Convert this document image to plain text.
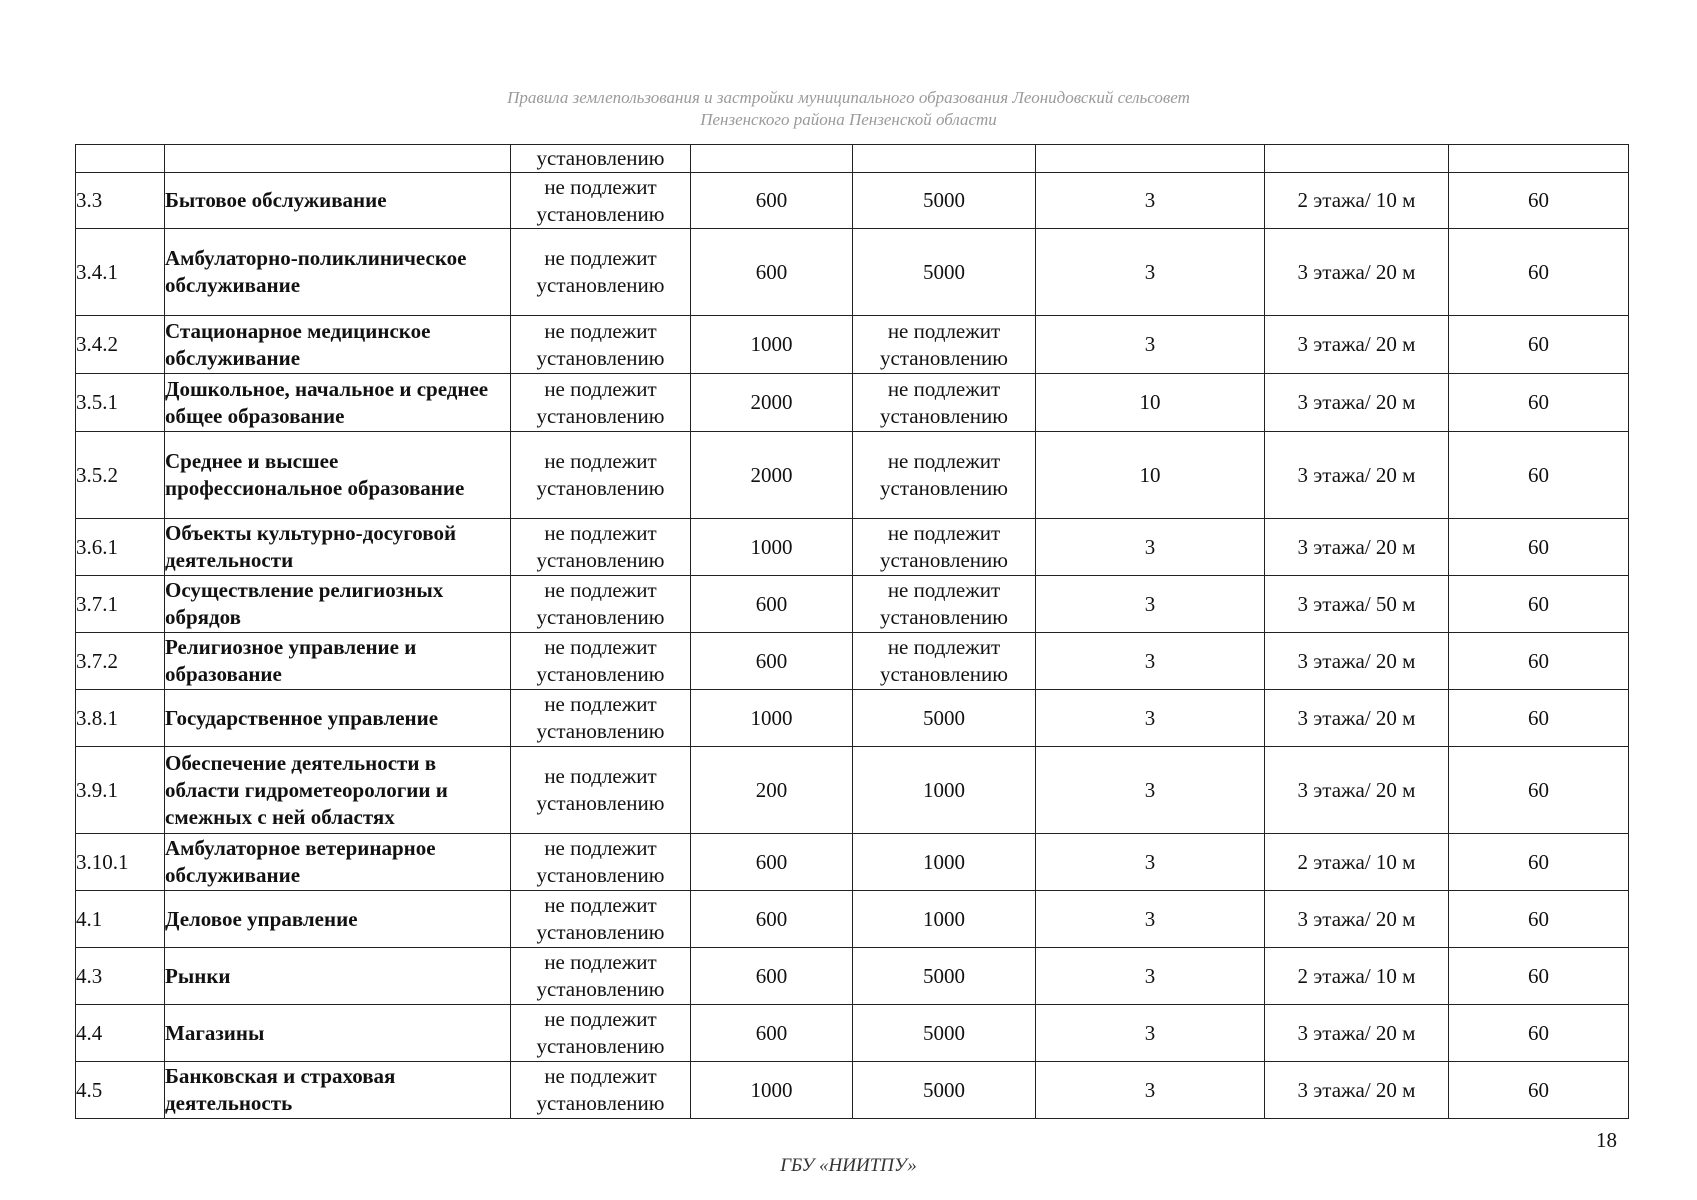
Правила землепользования и застройки муниципального образования Леонидовский сельсовет
Пензенского района Пензенской области
		установлению					
3.3	Бытовое обслуживание	не подлежит установлению	600	5000	3	2 этажа/ 10 м	60
3.4.1	Амбулаторно-поликлиническое обслуживание	не подлежит установлению	600	5000	3	3 этажа/ 20 м	60
3.4.2	Стационарное медицинское обслуживание	не подлежит установлению	1000	не подлежит установлению	3	3 этажа/ 20 м	60
3.5.1	Дошкольное, начальное и среднее общее образование	не подлежит установлению	2000	не подлежит установлению	10	3 этажа/ 20 м	60
3.5.2	Среднее и высшее профессиональное образование	не подлежит установлению	2000	не подлежит установлению	10	3 этажа/ 20 м	60
3.6.1	Объекты культурно-досуговой деятельности	не подлежит установлению	1000	не подлежит установлению	3	3 этажа/ 20 м	60
3.7.1	Осуществление религиозных обрядов	не подлежит установлению	600	не подлежит установлению	3	3 этажа/ 50 м	60
3.7.2	Религиозное управление и образование	не подлежит установлению	600	не подлежит установлению	3	3 этажа/ 20 м	60
3.8.1	Государственное управление	не подлежит установлению	1000	5000	3	3 этажа/ 20 м	60
3.9.1	Обеспечение деятельности в области гидрометеорологии и смежных с ней областях	не подлежит установлению	200	1000	3	3 этажа/ 20 м	60
3.10.1	Амбулаторное ветеринарное обслуживание	не подлежит установлению	600	1000	3	2 этажа/ 10 м	60
4.1	Деловое управление	не подлежит установлению	600	1000	3	3 этажа/ 20 м	60
4.3	Рынки	не подлежит установлению	600	5000	3	2 этажа/ 10 м	60
4.4	Магазины	не подлежит установлению	600	5000	3	3 этажа/ 20 м	60
4.5	Банковская и страховая деятельность	не подлежит установлению	1000	5000	3	3 этажа/ 20 м	60
18
ГБУ «НИИТПУ»
